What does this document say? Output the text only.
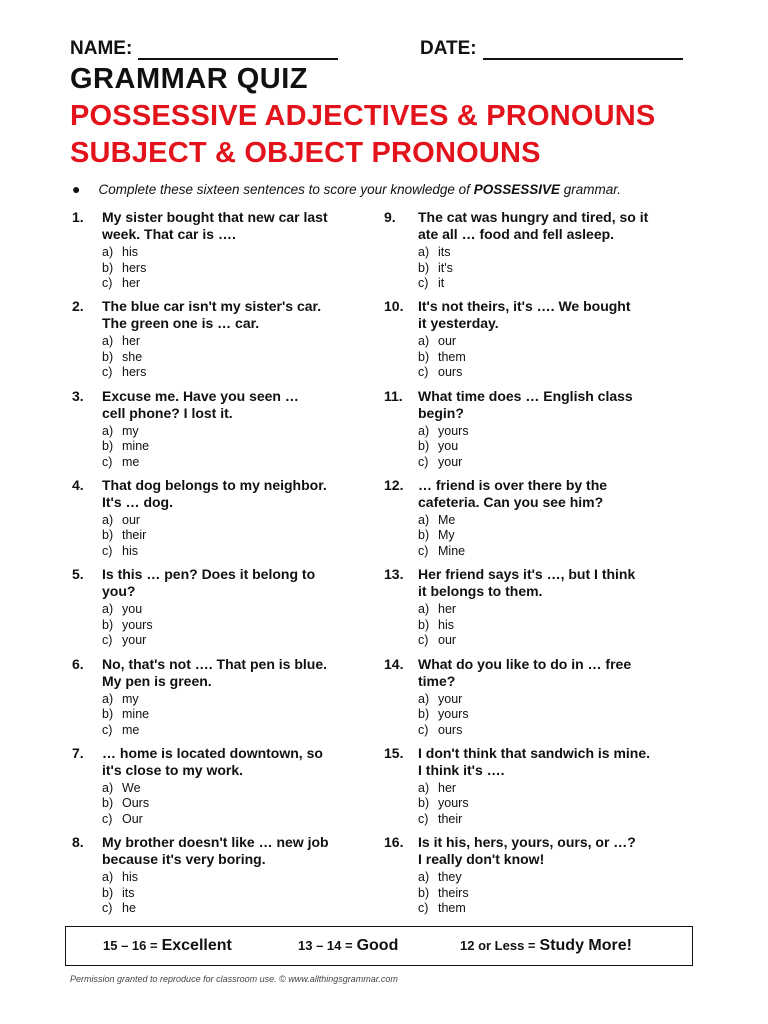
NAME:	DATE:
GRAMMAR QUIZ
POSSESSIVE ADJECTIVES & PRONOUNS
SUBJECT & OBJECT PRONOUNS
● Complete these sixteen sentences to score your knowledge of POSSESSIVE grammar.
1.	My sister bought that new car last
week. That car is ….
a) his
b) hers
c) her
2.	The blue car isn't my sister's car.
The green one is … car.
a) her
b) she
c) hers
3.	Excuse me. Have you seen …
cell phone? I lost it.
a) my
b) mine
c) me
4.	That dog belongs to my neighbor.
It's … dog.
a) our
b) their
c) his
5.	Is this … pen? Does it belong to
you?
a) you
b) yours
c) your
6.	No, that's not …. That pen is blue.
My pen is green.
a) my
b) mine
c) me
7.	… home is located downtown, so
it's close to my work.
a) We
b) Ours
c) Our
8.	My brother doesn't like … new job
because it's very boring.
a) his
b) its
c) he
9.	The cat was hungry and tired, so it
ate all … food and fell asleep.
a) its
b) it's
c) it
10.	It's not theirs, it's …. We bought
it yesterday.
a) our
b) them
c) ours
11.	What time does … English class
begin?
a) yours
b) you
c) your
12.	… friend is over there by the
cafeteria. Can you see him?
a) Me
b) My
c) Mine
13.	Her friend says it's …, but I think
it belongs to them.
a) her
b) his
c) our
14.	What do you like to do in … free
time?
a) your
b) yours
c) ours
15.	I don't think that sandwich is mine.
I think it's ….
a) her
b) yours
c) their
16.	Is it his, hers, yours, ours, or …?
I really don't know!
a) they
b) theirs
c) them
15 – 16 = Excellent	13 – 14 = Good	12 or Less = Study More!
Permission granted to reproduce for classroom use. © www.allthingsgrammar.com
